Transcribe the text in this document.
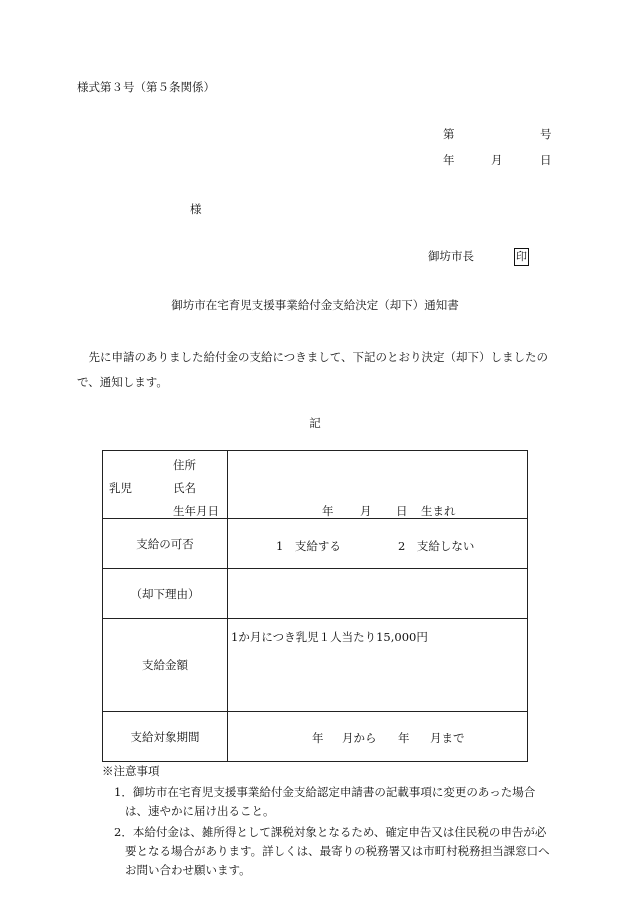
様式第３号（第５条関係）
第	号
年	月	日
様
御坊市長	印
御坊市在宅育児支援事業給付金支給決定（却下）通知書
先に申請のありました給付金の支給につきまして、下記のとおり決定（却下）しましたので、通知します。
記
住所
乳児 氏名
生年月日	年 月 日 生まれ

支給の可否	1　支給する 2　支給しない

（却下理由）	
支給金額	1か月につき乳児１人当たり15,000円

支給対象期間	年 月から 年 月まで
※注意事項
1．御坊市在宅育児支援事業給付金支給認定申請書の記載事項に変更のあった場合
は、速やかに届け出ること。
2．本給付金は、雑所得として課税対象となるため、確定申告又は住民税の申告が必
要となる場合があります。詳しくは、最寄りの税務署又は市町村税務担当課窓口へ
お問い合わせ願います。
